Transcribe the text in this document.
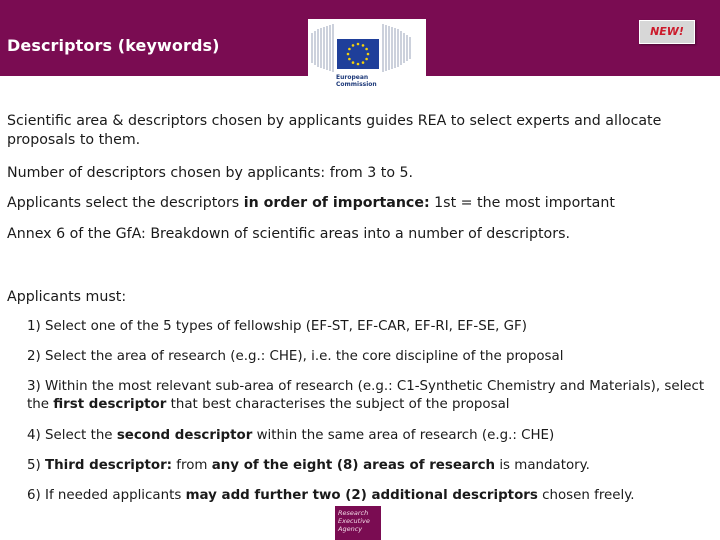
Descriptors (keywords)
NEW!
European
Commission

Scientific area & descriptors chosen by applicants guides REA to select experts and allocate proposals to them.

Number of descriptors chosen by applicants: from 3 to 5.

Applicants select the descriptors in order of importance: 1st = the most important

Annex 6 of the GfA: Breakdown of scientific areas into a number of descriptors.

Applicants must:

1) Select one of the 5 types of fellowship (EF-ST, EF-CAR, EF-RI, EF-SE, GF)

2) Select the area of research (e.g.: CHE), i.e. the core discipline of the proposal

3) Within the most relevant sub-area of research (e.g.: C1-Synthetic Chemistry and Materials), select the first descriptor that best characterises the subject of the proposal

4) Select the second descriptor within the same area of research (e.g.: CHE)

5) Third descriptor: from any of the eight (8) areas of research is mandatory.

6) If needed applicants may add further two (2) additional descriptors chosen freely.

Research
Executive
Agency
